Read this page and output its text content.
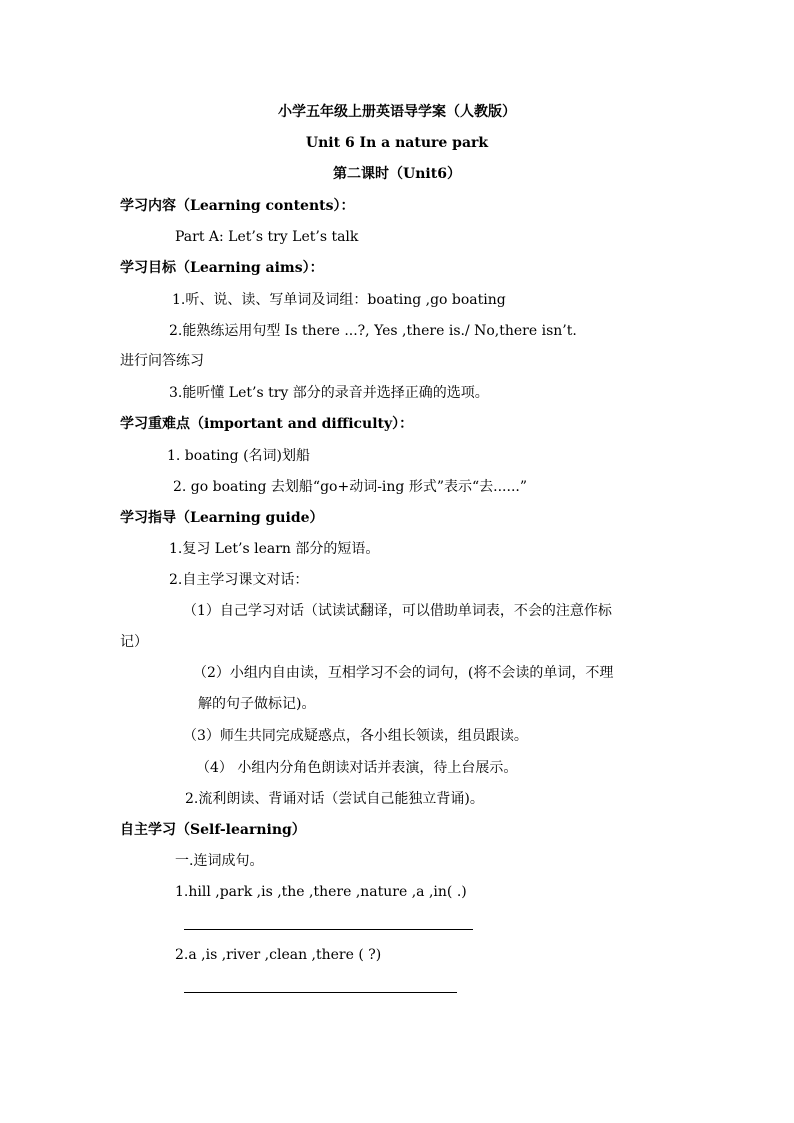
小学五年级上册英语导学案（人教版）
Unit 6 In a nature park
第二课时（Unit6）
学习内容（Learning contents）：
Part A: Let’s try Let’s talk
学习目标（Learning aims）：
1.听、说、读、写单词及词组：boating ,go boating
2.能熟练运用句型 Is there ...?, Yes ,there is./ No,there isn’t.
进行问答练习
3.能听懂 Let’s try 部分的录音并选择正确的选项。
学习重难点（important and difficulty）：
1. boating (名词)划船
2. go boating 去划船“go+动词-ing 形式”表示“去......”
学习指导（Learning guide）
1.复习 Let’s learn 部分的短语。
2.自主学习课文对话：
（1）自己学习对话（试读试翻译，可以借助单词表，不会的注意作标
记）
（2）小组内自由读，互相学习不会的词句，(将不会读的单词，不理
解的句子做标记)。
（3）师生共同完成疑惑点，各小组长领读，组员跟读。
（4） 小组内分角色朗读对话并表演，待上台展示。
2.流利朗读、背诵对话（尝试自己能独立背诵)。
自主学习（Self-learning）
一.连词成句。
1.hill ,park ,is ,the ,there ,nature ,a ,in( .)
2.a ,is ,river ,clean ,there ( ?)
